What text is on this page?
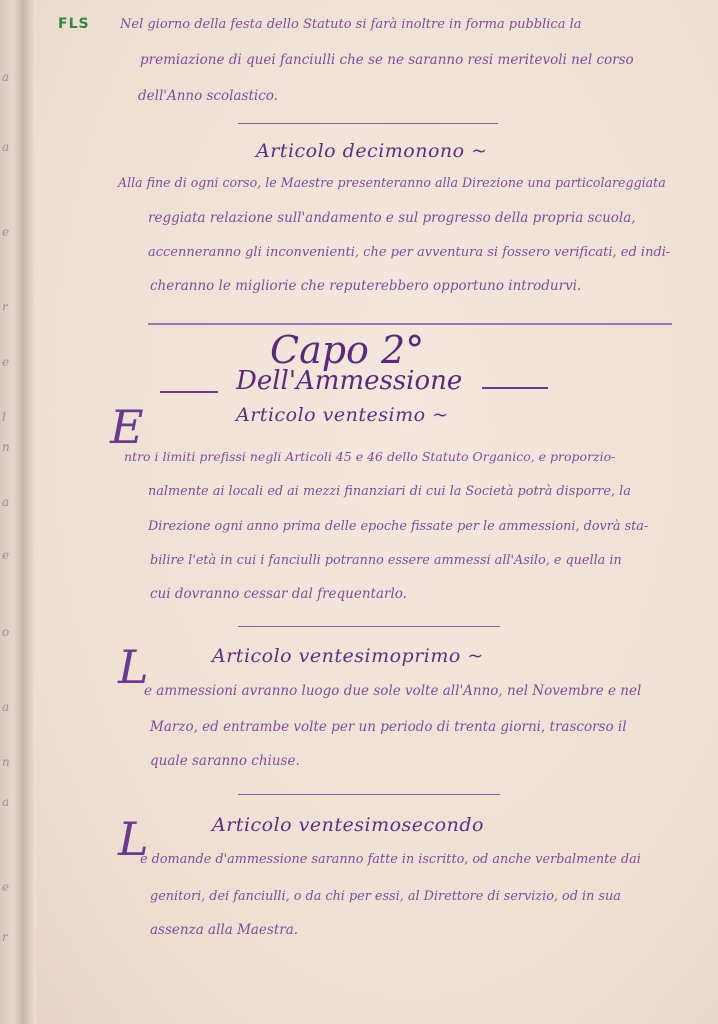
a
a
e
r
e
l
n
a
e
o
a
n
a
e
r
FLS Nel giorno della festa dello Statuto si farà inoltre in forma pubblica la
premiazione di quei fanciulli che se ne saranno resi meritevoli nel corso
dell'Anno scolastico.
Articolo decimonono ~
Alla fine di ogni corso, le Maestre presenteranno alla Direzione una particolareggiata
reggiata relazione sull'andamento e sul progresso della propria scuola,
accenneranno gli inconvenienti, che per avventura si fossero verificati, ed indi-
cheranno le migliorie che reputerebbero opportuno introdurvi.
Capo 2°
Dell'Ammessione
Articolo ventesimo ~
E
ntro i limiti prefissi negli Articoli 45 e 46 dello Statuto Organico, e proporzio-
nalmente ai locali ed ai mezzi finanziari di cui la Società potrà disporre, la
Direzione ogni anno prima delle epoche fissate per le ammessioni, dovrà sta-
bilire l'età in cui i fanciulli potranno essere ammessi all'Asilo, e quella in
cui dovranno cessar dal frequentarlo.
Articolo ventesimoprimo ~
L
e ammessioni avranno luogo due sole volte all'Anno, nel Novembre e nel
Marzo, ed entrambe volte per un periodo di trenta giorni, trascorso il
quale saranno chiuse.
Articolo ventesimosecondo
L
e domande d'ammessione saranno fatte in iscritto, od anche verbalmente dai
genitori, dei fanciulli, o da chi per essi, al Direttore di servizio, od in sua
assenza alla Maestra.
